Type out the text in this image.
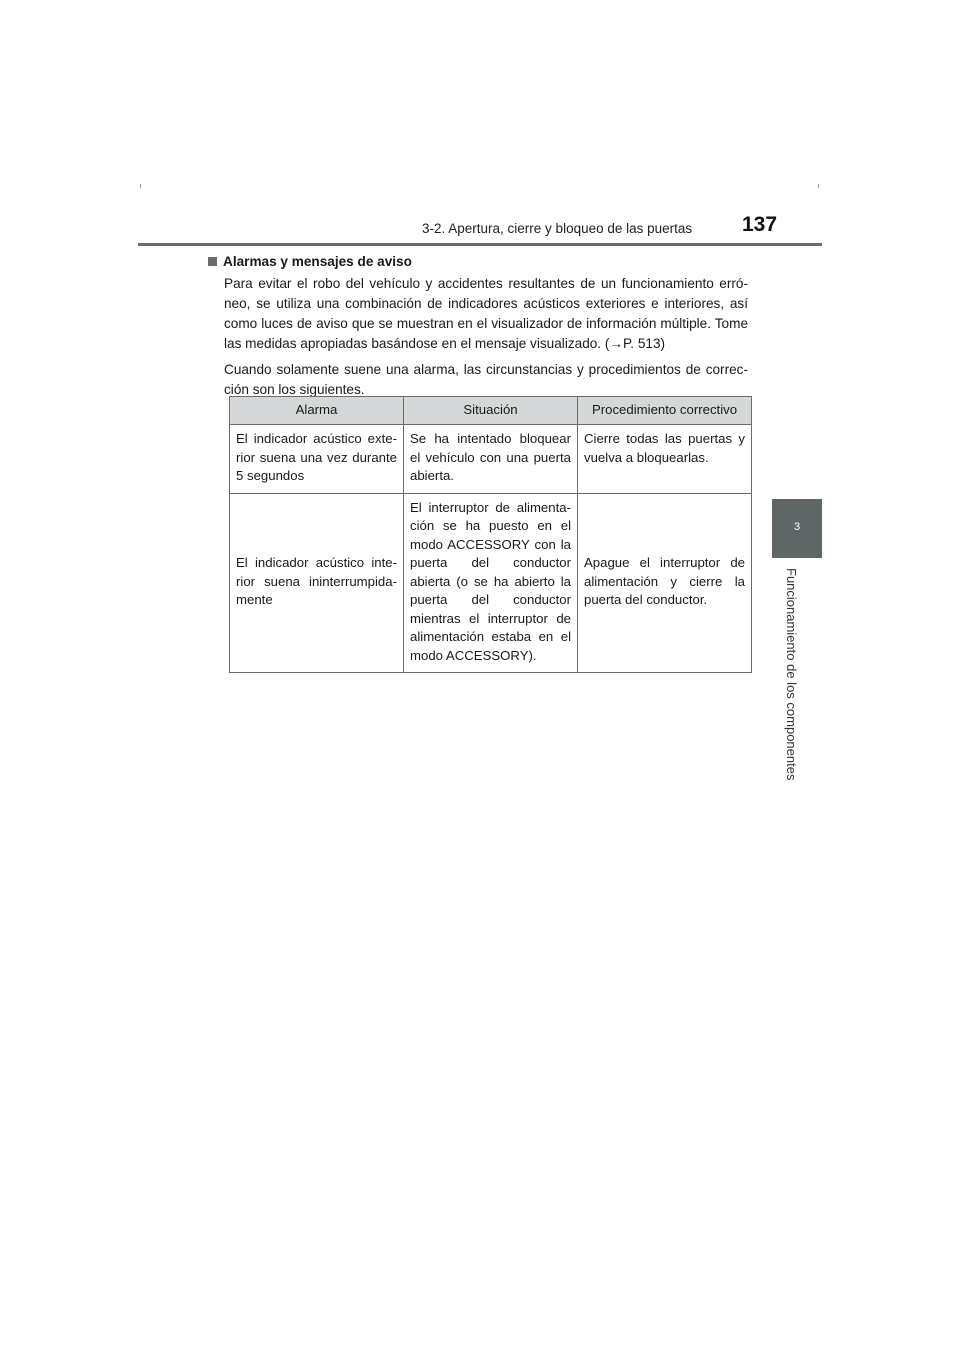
3-2. Apertura, cierre y bloqueo de las puertas 137
3
Funcionamiento de los componentes
Alarmas y mensajes de aviso

Para evitar el robo del vehículo y accidentes resultantes de un funcionamiento erró-neo, se utiliza una combinación de indicadores acústicos exteriores e interiores, así como luces de aviso que se muestran en el visualizador de información múltiple. Tome las medidas apropiadas basándose en el mensaje visualizado. (→P. 513)

Cuando solamente suene una alarma, las circunstancias y procedimientos de correc-ción son los siguientes.

Alarma	Situación	Procedimiento correctivo
El indicador acústico exte-rior suena una vez durante 5 segundos	Se ha intentado bloquear el vehículo con una puerta abierta.	Cierre todas las puertas y vuelva a bloquearlas.
El indicador acústico inte-rior suena ininterrumpida-mente	El interruptor de alimenta-ción se ha puesto en el modo ACCESSORY con la puerta del conductor abierta (o se ha abierto la puerta del conductor mientras el interruptor de alimentación estaba en el modo ACCESSORY).	Apague el interruptor de alimentación y cierre la puerta del conductor.
